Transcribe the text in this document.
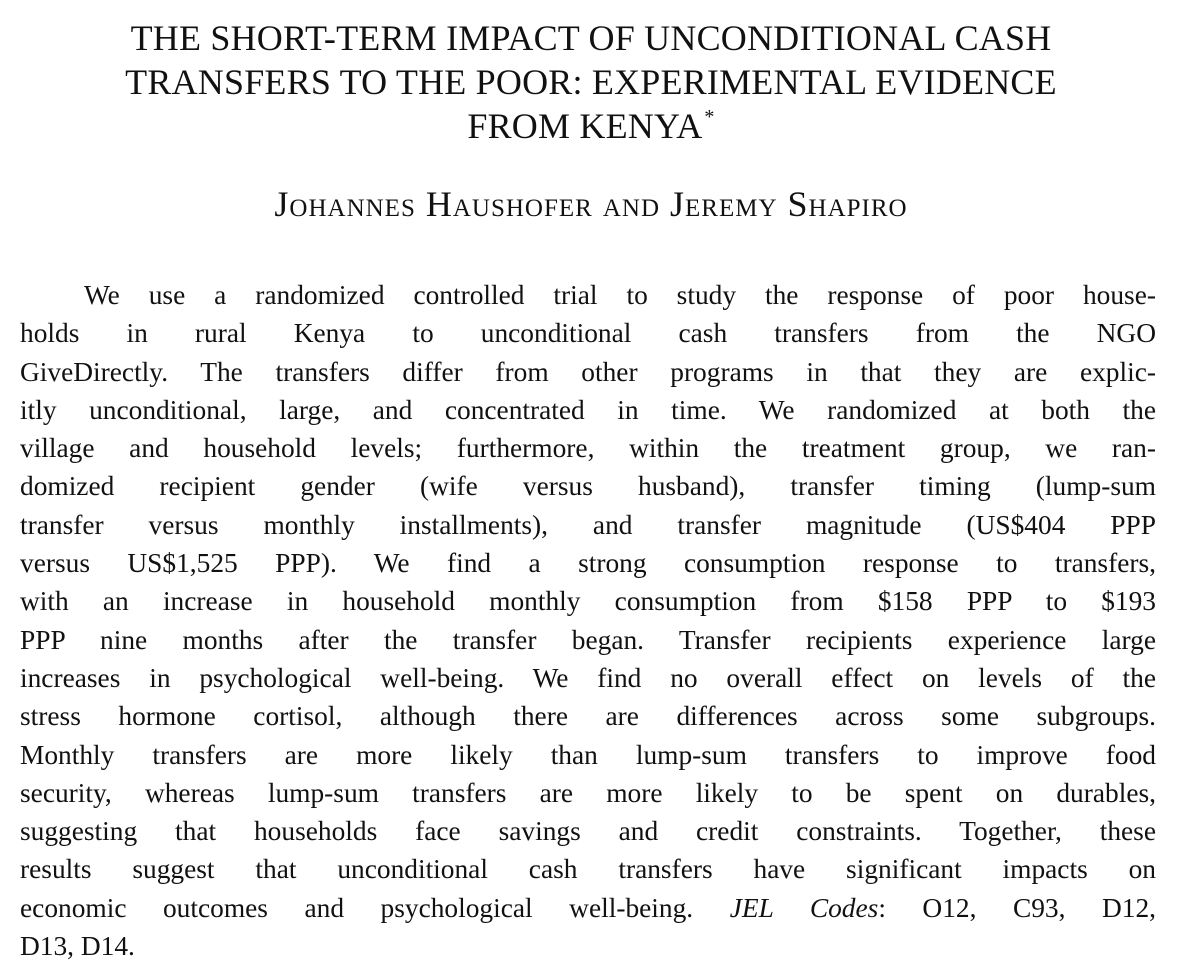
THE SHORT-TERM IMPACT OF UNCONDITIONAL CASH
TRANSFERS TO THE POOR: EXPERIMENTAL EVIDENCE
FROM KENYA *
Johannes Haushofer and Jeremy Shapiro
We use a randomized controlled trial to study the response of poor house-
holds in rural Kenya to unconditional cash transfers from the NGO
GiveDirectly. The transfers differ from other programs in that they are explic-
itly unconditional, large, and concentrated in time. We randomized at both the
village and household levels; furthermore, within the treatment group, we ran-
domized recipient gender (wife versus husband), transfer timing (lump-sum
transfer versus monthly installments), and transfer magnitude (US$404 PPP
versus US$1,525 PPP). We find a strong consumption response to transfers,
with an increase in household monthly consumption from $158 PPP to $193
PPP nine months after the transfer began. Transfer recipients experience large
increases in psychological well-being. We find no overall effect on levels of the
stress hormone cortisol, although there are differences across some subgroups.
Monthly transfers are more likely than lump-sum transfers to improve food
security, whereas lump-sum transfers are more likely to be spent on durables,
suggesting that households face savings and credit constraints. Together, these
results suggest that unconditional cash transfers have significant impacts on
economic outcomes and psychological well-being. JEL Codes: O12, C93, D12,
D13, D14.
